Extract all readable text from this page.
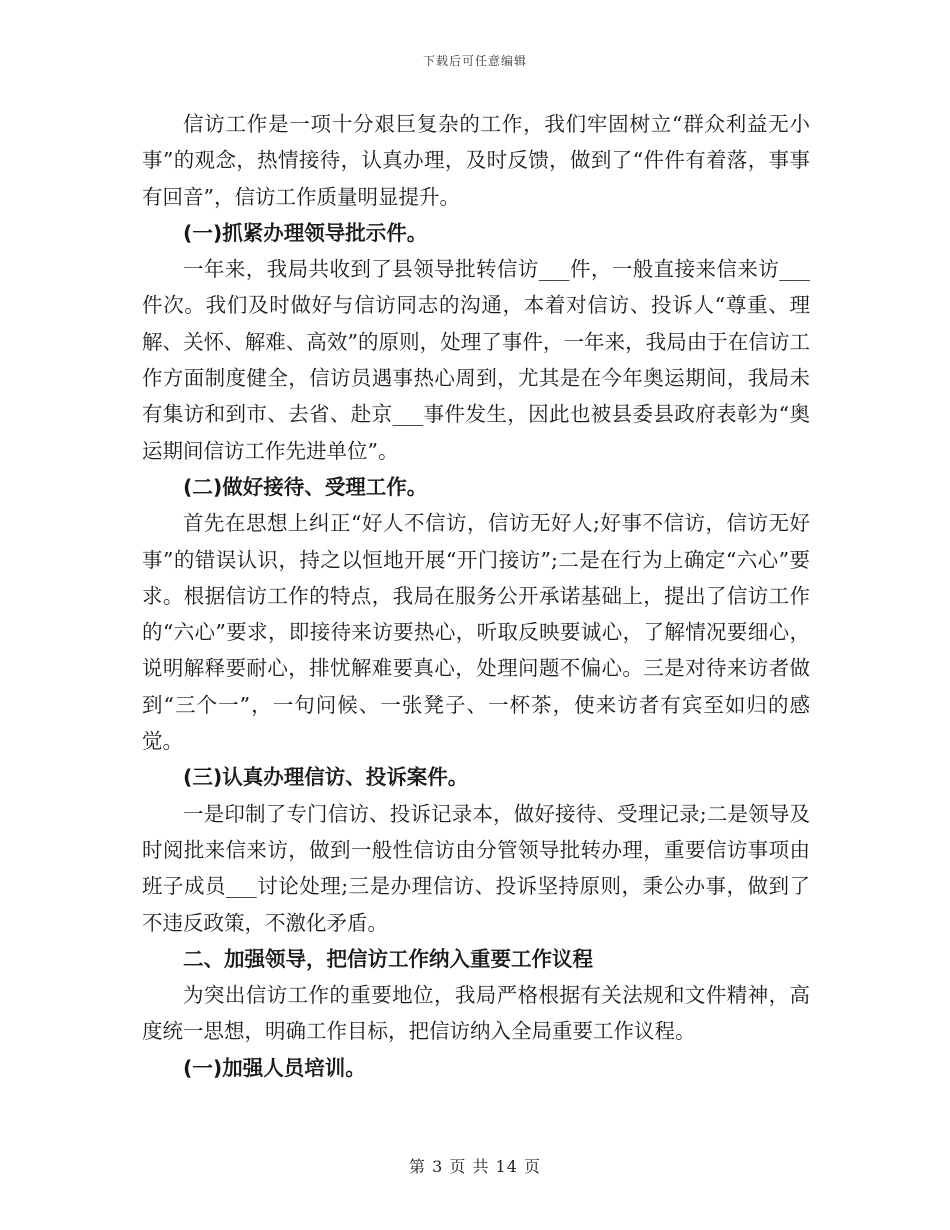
下载后可任意编辑

信访工作是一项十分艰巨复杂的工作，我们牢固树立“群众利益无小事”的观念，热情接待，认真办理，及时反馈，做到了“件件有着落，事事有回音”，信访工作质量明显提升。

(一)抓紧办理领导批示件。

一年来，我局共收到了县领导批转信访___件，一般直接来信来访___件次。我们及时做好与信访同志的沟通，本着对信访、投诉人“尊重、理解、关怀、解难、高效”的原则，处理了事件，一年来，我局由于在信访工作方面制度健全，信访员遇事热心周到，尤其是在今年奥运期间，我局未有集访和到市、去省、赴京___事件发生，因此也被县委县政府表彰为“奥运期间信访工作先进单位”。

(二)做好接待、受理工作。

首先在思想上纠正“好人不信访，信访无好人;好事不信访，信访无好事”的错误认识，持之以恒地开展“开门接访”;二是在行为上确定“六心”要求。根据信访工作的特点，我局在服务公开承诺基础上，提出了信访工作的“六心”要求，即接待来访要热心，听取反映要诚心，了解情况要细心，说明解释要耐心，排忧解难要真心，处理问题不偏心。三是对待来访者做到“三个一”，一句问候、一张凳子、一杯茶，使来访者有宾至如归的感觉。

(三)认真办理信访、投诉案件。

一是印制了专门信访、投诉记录本，做好接待、受理记录;二是领导及时阅批来信来访，做到一般性信访由分管领导批转办理，重要信访事项由班子成员___讨论处理;三是办理信访、投诉坚持原则，秉公办事，做到了不违反政策，不激化矛盾。

二、加强领导，把信访工作纳入重要工作议程

为突出信访工作的重要地位，我局严格根据有关法规和文件精神，高度统一思想，明确工作目标，把信访纳入全局重要工作议程。

(一)加强人员培训。

第 3 页 共 14 页
